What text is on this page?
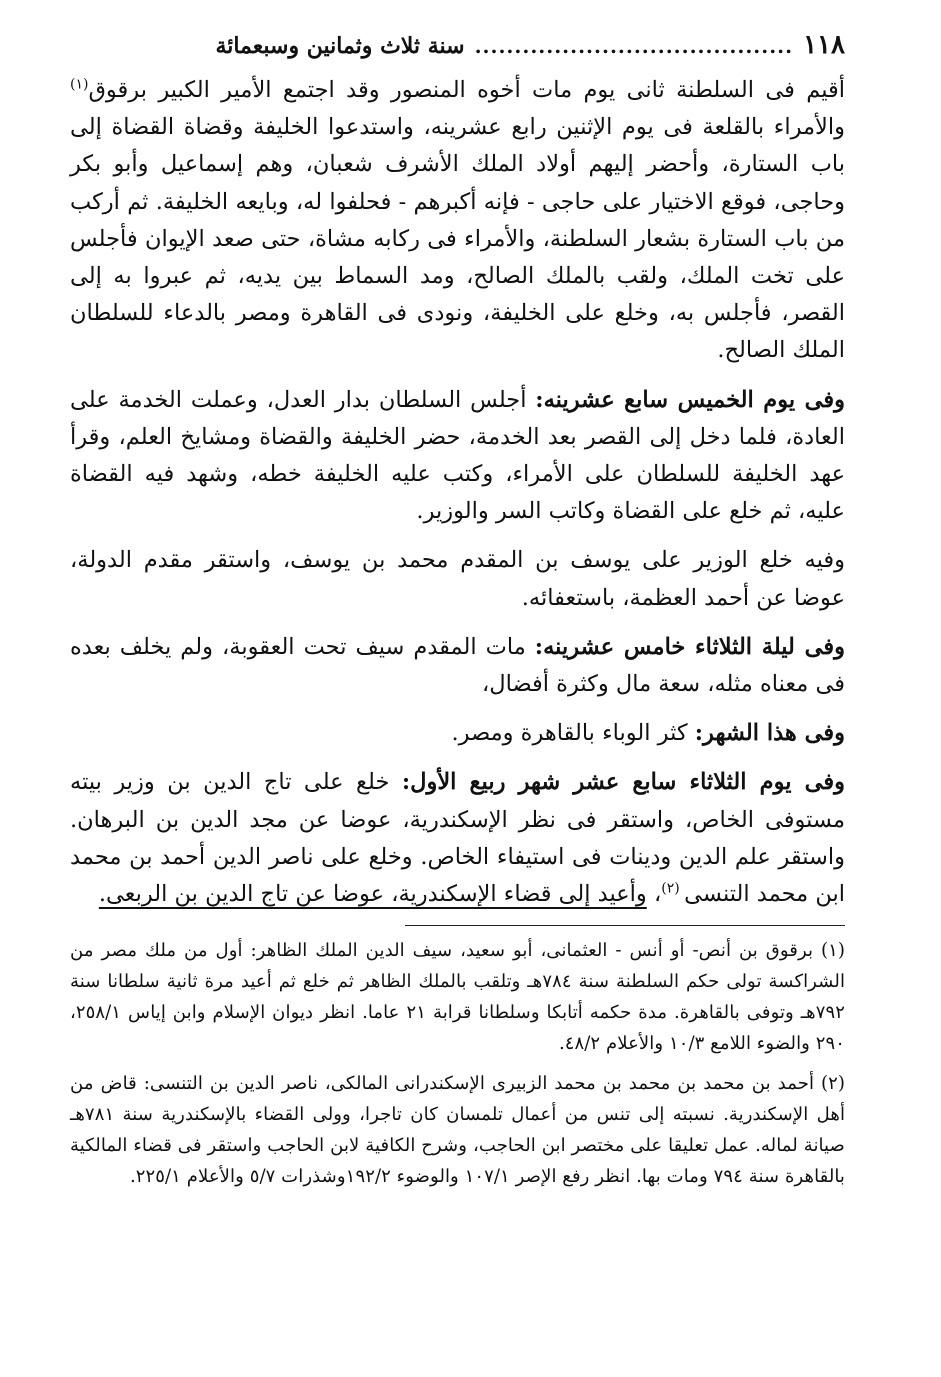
١١٨
........................................
سنة ثلاث وثمانين وسبعمائة

أقيم فى السلطنة ثانى يوم مات أخوه المنصور وقد اجتمع الأمير الكبير برقوق$^{(١)}$ والأمراء بالقلعة فى يوم الإثنين رابع عشرينه، واستدعوا الخليفة وقضاة القضاة إلى باب الستارة، وأحضر إليهم أولاد الملك الأشرف شعبان، وهم إسماعيل وأبو بكر وحاجى، فوقع الاختيار على حاجى - فإنه أكبرهم - فحلفوا له، وبايعه الخليفة. ثم أركب من باب الستارة بشعار السلطنة، والأمراء فى ركابه مشاة، حتى صعد الإيوان فأجلس على تخت الملك، ولقب بالملك الصالح، ومد السماط بين يديه، ثم عبروا به إلى القصر، فأجلس به، وخلع على الخليفة، ونودى فى القاهرة ومصر بالدعاء للسلطان الملك الصالح.

وفى يوم الخميس سابع عشرينه: أجلس السلطان بدار العدل، وعملت الخدمة على العادة، فلما دخل إلى القصر بعد الخدمة، حضر الخليفة والقضاة ومشايخ العلم، وقرأ عهد الخليفة للسلطان على الأمراء، وكتب عليه الخليفة خطه، وشهد فيه القضاة عليه، ثم خلع على القضاة وكاتب السر والوزير.

وفيه خلع الوزير على يوسف بن المقدم محمد بن يوسف، واستقر مقدم الدولة، عوضا عن أحمد العظمة، باستعفائه.

وفى ليلة الثلاثاء خامس عشرينه: مات المقدم سيف تحت العقوبة، ولم يخلف بعده فى معناه مثله، سعة مال وكثرة أفضال،

وفى هذا الشهر: كثر الوباء بالقاهرة ومصر.

وفى يوم الثلاثاء سابع عشر شهر ربيع الأول: خلع على تاج الدين بن وزير بيته مستوفى الخاص، واستقر فى نظر الإسكندرية، عوضا عن مجد الدين بن البرهان. واستقر علم الدين ودينات فى استيفاء الخاص. وخلع على ناصر الدين أحمد بن محمد ابن محمد التنسى $^{(٢)}$، وأعيد إلى قضاء الإسكندرية، عوضا عن تاج الدين بن الربعى.

(١) برقوق بن أنص- أو أنس - العثمانى، أبو سعيد، سيف الدين الملك الظاهر: أول من ملك مصر من الشراكسة تولى حكم السلطنة سنة ٧٨٤هـ وتلقب بالملك الظاهر ثم خلع ثم أعيد مرة ثانية سلطانا سنة ٧٩٢هـ وتوفى بالقاهرة. مدة حكمه أتابكا وسلطانا قرابة ٢١ عاما. انظر ديوان الإسلام وابن إياس ٢٥٨/١، ٢٩٠ والضوء اللامع ١٠/٣ والأعلام ٤٨/٢.

(٢) أحمد بن محمد بن محمد بن محمد الزبيرى الإسكندرانى المالكى، ناصر الدين بن التنسى: قاض من أهل الإسكندرية. نسبته إلى تنس من أعمال تلمسان كان تاجرا، وولى القضاء بالإسكندرية سنة ٧٨١هـ صيانة لماله. عمل تعليقا على مختصر ابن الحاجب، وشرح الكافية لابن الحاجب واستقر فى قضاء المالكية بالقاهرة سنة ٧٩٤ ومات بها. انظر رفع الإصر ١٠٧/١ والوضوء ١٩٢/٢وشذرات ٥/٧ والأعلام ٢٢٥/١.
